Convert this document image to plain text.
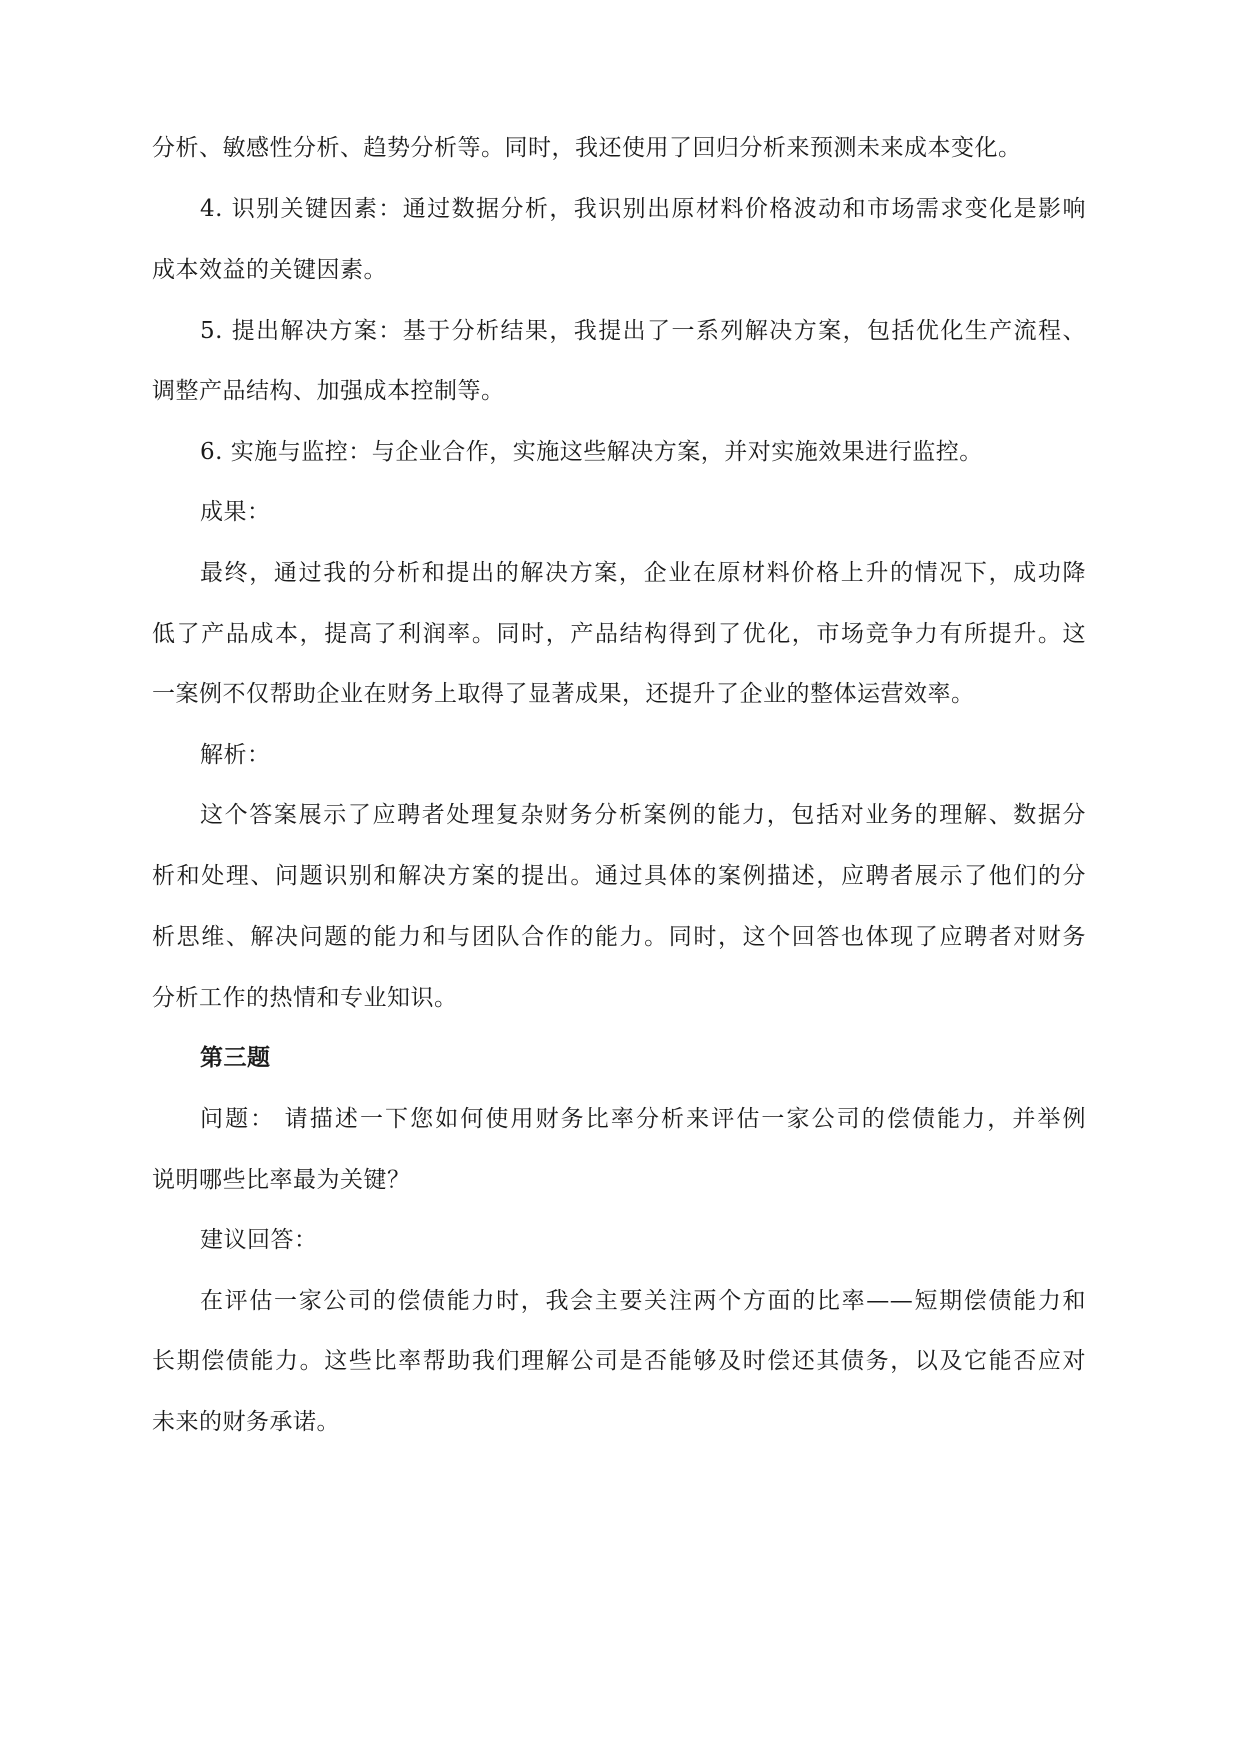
分析、敏感性分析、趋势分析等。同时，我还使用了回归分析来预测未来成本变化。

4. 识别关键因素：通过数据分析，我识别出原材料价格波动和市场需求变化是影响

成本效益的关键因素。

5. 提出解决方案：基于分析结果，我提出了一系列解决方案，包括优化生产流程、

调整产品结构、加强成本控制等。

6. 实施与监控：与企业合作，实施这些解决方案，并对实施效果进行监控。

成果：

最终，通过我的分析和提出的解决方案，企业在原材料价格上升的情况下，成功降

低了产品成本，提高了利润率。同时，产品结构得到了优化，市场竞争力有所提升。这

一案例不仅帮助企业在财务上取得了显著成果，还提升了企业的整体运营效率。

解析：

这个答案展示了应聘者处理复杂财务分析案例的能力，包括对业务的理解、数据分

析和处理、问题识别和解决方案的提出。通过具体的案例描述，应聘者展示了他们的分

析思维、解决问题的能力和与团队合作的能力。同时，这个回答也体现了应聘者对财务

分析工作的热情和专业知识。

第三题

问题： 请描述一下您如何使用财务比率分析来评估一家公司的偿债能力，并举例

说明哪些比率最为关键？

建议回答：

在评估一家公司的偿债能力时，我会主要关注两个方面的比率——短期偿债能力和

长期偿债能力。这些比率帮助我们理解公司是否能够及时偿还其债务，以及它能否应对

未来的财务承诺。
